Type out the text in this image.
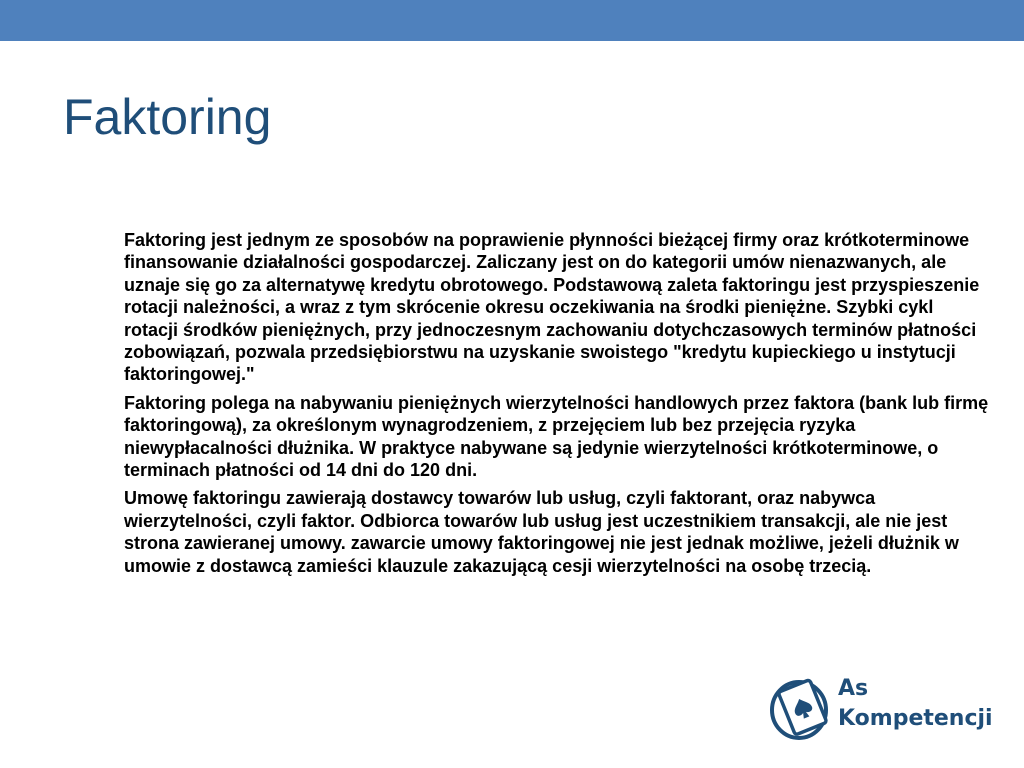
Faktoring

Faktoring jest jednym ze sposobów na poprawienie płynności bieżącej firmy oraz krótkoterminowe finansowanie działalności gospodarczej. Zaliczany jest on do kategorii umów nienazwanych, ale uznaje się go za alternatywę kredytu obrotowego. Podstawową zaleta faktoringu jest przyspieszenie rotacji należności, a wraz z tym skrócenie okresu oczekiwania na środki pieniężne. Szybki cykl rotacji środków pieniężnych, przy jednoczesnym zachowaniu dotychczasowych terminów płatności zobowiązań, pozwala przedsiębiorstwu na uzyskanie swoistego "kredytu kupieckiego u instytucji faktoringowej."

Faktoring polega na nabywaniu pieniężnych wierzytelności handlowych przez faktora (bank lub firmę faktoringową), za określonym wynagrodzeniem, z przejęciem lub bez przejęcia ryzyka niewypłacalności dłużnika. W praktyce nabywane są jedynie wierzytelności krótkoterminowe, o terminach płatności od 14 dni do 120 dni.

Umowę faktoringu zawierają dostawcy towarów lub usług, czyli faktorant, oraz nabywca wierzytelności, czyli faktor. Odbiorca towarów lub usług jest uczestnikiem transakcji, ale nie jest strona zawieranej umowy. zawarcie umowy faktoringowej nie jest jednak możliwe, jeżeli dłużnik w umowie z dostawcą zamieści klauzule zakazującą cesji wierzytelności na osobę trzecią.

As
Kompetencji
